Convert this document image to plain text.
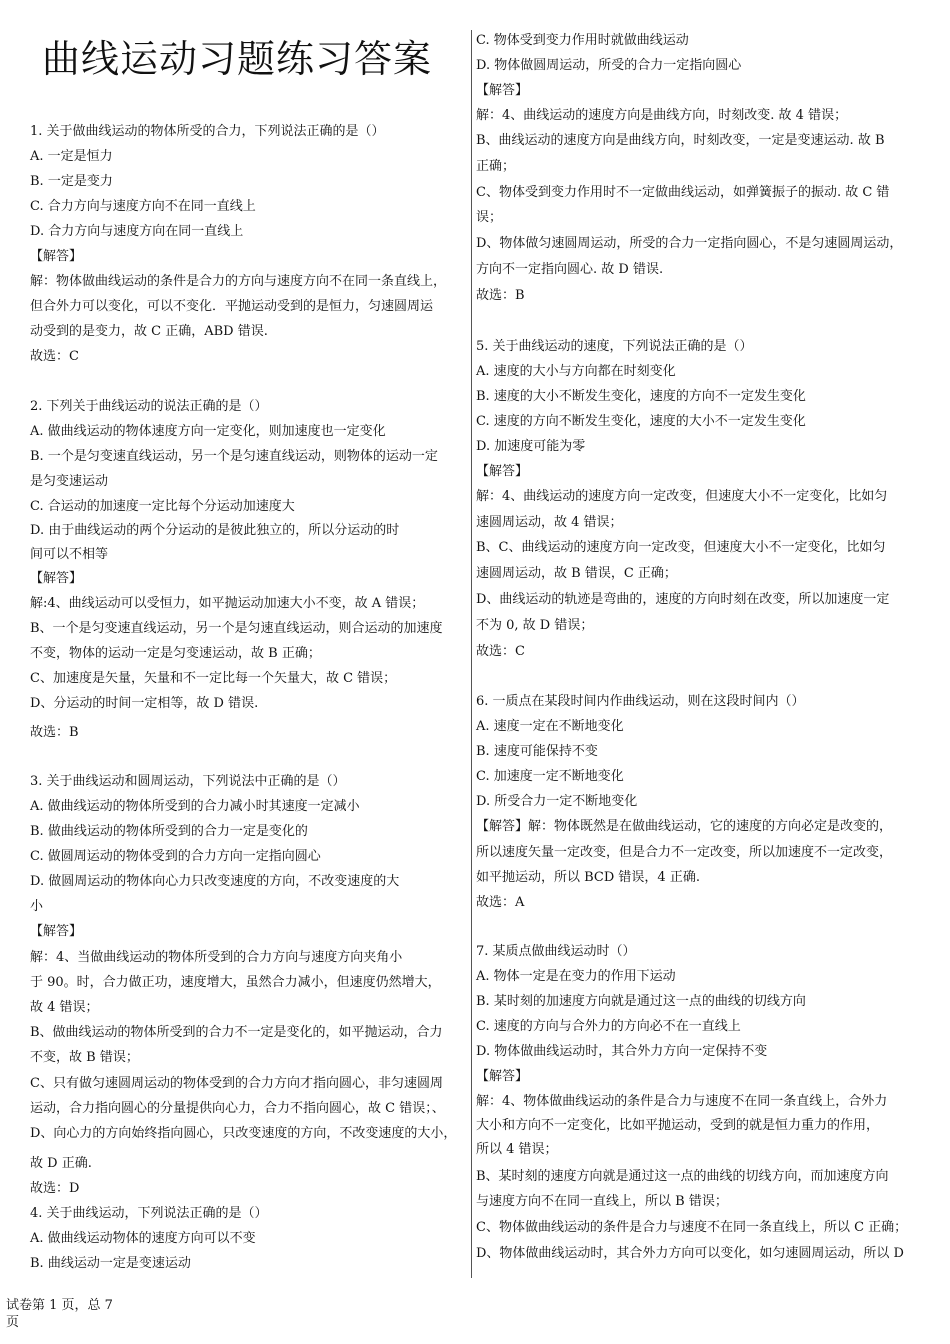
曲线运动习题练习答案
1. 关于做曲线运动的物体所受的合力，下列说法正确的是（）
A. 一定是恒力
B. 一定是变力
C. 合力方向与速度方向不在同一直线上
D. 合力方向与速度方向在同一直线上
【解答】
解：物体做曲线运动的条件是合力的方向与速度方向不在同一条直线上，
但合外力可以变化，可以不变化．平抛运动受到的是恒力，匀速圆周运
动受到的是变力，故 C 正确，ABD 错误.
故选：C
2. 下列关于曲线运动的说法正确的是（）
A. 做曲线运动的物体速度方向一定变化，则加速度也一定变化
B. 一个是匀变速直线运动，另一个是匀速直线运动，则物体的运动一定
是匀变速运动
C. 合运动的加速度一定比每个分运动加速度大
D. 由于曲线运动的两个分运动的是彼此独立的，所以分运动的时
间可以不相等
【解答】
解:4、曲线运动可以受恒力，如平抛运动加速大小不变，故 A 错误；
B、一个是匀变速直线运动，另一个是匀速直线运动，则合运动的加速度
不变，物体的运动一定是匀变速运动，故 B 正确；
C、加速度是矢量，矢量和不一定比每一个矢量大，故 C 错误；
D、分运动的时间一定相等，故 D 错误.
故选：B
3. 关于曲线运动和圆周运动，下列说法中正确的是（）
A. 做曲线运动的物体所受到的合力减小时其速度一定减小
B. 做曲线运动的物体所受到的合力一定是变化的
C. 做圆周运动的物体受到的合力方向一定指向圆心
D. 做圆周运动的物体向心力只改变速度的方向，不改变速度的大
小
【解答】
解：4、当做曲线运动的物体所受到的合力方向与速度方向夹角小
于 90。时，合力做正功，速度增大，虽然合力减小，但速度仍然增大，
故 4 错误；
B、做曲线运动的物体所受到的合力不一定是变化的，如平抛运动，合力
不变，故 B 错误；
C、只有做匀速圆周运动的物体受到的合力方向才指向圆心，非匀速圆周
运动，合力指向圆心的分量提供向心力，合力不指向圆心，故 C 错误；、
D、向心力的方向始终指向圆心，只改变速度的方向，不改变速度的大小，
故 D 正确.
故选：D
4. 关于曲线运动，下列说法正确的是（）
A. 做曲线运动物体的速度方向可以不变
B. 曲线运动一定是变速运动
C. 物体受到变力作用时就做曲线运动
D. 物体做圆周运动，所受的合力一定指向圆心
【解答】
解：4、曲线运动的速度方向是曲线方向，时刻改变. 故 4 错误；
B、曲线运动的速度方向是曲线方向，时刻改变，一定是变速运动. 故 B
正确；
C、物体受到变力作用时不一定做曲线运动，如弹簧振子的振动. 故 C 错
误；
D、物体做匀速圆周运动，所受的合力一定指向圆心，不是匀速圆周运动，
方向不一定指向圆心. 故 D 错误.
故选：B
5. 关于曲线运动的速度，下列说法正确的是（）
A. 速度的大小与方向都在时刻变化
B. 速度的大小不断发生变化，速度的方向不一定发生变化
C. 速度的方向不断发生变化，速度的大小不一定发生变化
D. 加速度可能为零
【解答】
解：4、曲线运动的速度方向一定改变，但速度大小不一定变化，比如匀
速圆周运动，故 4 错误；
B、C、曲线运动的速度方向一定改变，但速度大小不一定变化，比如匀
速圆周运动，故 B 错误，C 正确；
D、曲线运动的轨迹是弯曲的，速度的方向时刻在改变，所以加速度一定
不为 0, 故 D 错误；
故选：C
6. 一质点在某段时间内作曲线运动，则在这段时间内（）
A. 速度一定在不断地变化
B. 速度可能保持不变
C. 加速度一定不断地变化
D. 所受合力一定不断地变化
【解答】解：物体既然是在做曲线运动，它的速度的方向必定是改变的，
所以速度矢量一定改变，但是合力不一定改变，所以加速度不一定改变，
如平抛运动，所以 BCD 错误，4 正确.
故选：A
7. 某质点做曲线运动时（）
A. 物体一定是在变力的作用下运动
B. 某时刻的加速度方向就是通过这一点的曲线的切线方向
C. 速度的方向与合外力的方向必不在一直线上
D. 物体做曲线运动时，其合外力方向一定保持不变
【解答】
解：4、物体做曲线运动的条件是合力与速度不在同一条直线上，合外力
大小和方向不一定变化，比如平抛运动，受到的就是恒力重力的作用，
所以 4 错误；
B、某时刻的速度方向就是通过这一点的曲线的切线方向，而加速度方向
与速度方向不在同一直线上，所以 B 错误；
C、物体做曲线运动的条件是合力与速度不在同一条直线上，所以 C 正确；
D、物体做曲线运动时，其合外力方向可以变化，如匀速圆周运动，所以 D
试卷第 1 页，总 7 页
